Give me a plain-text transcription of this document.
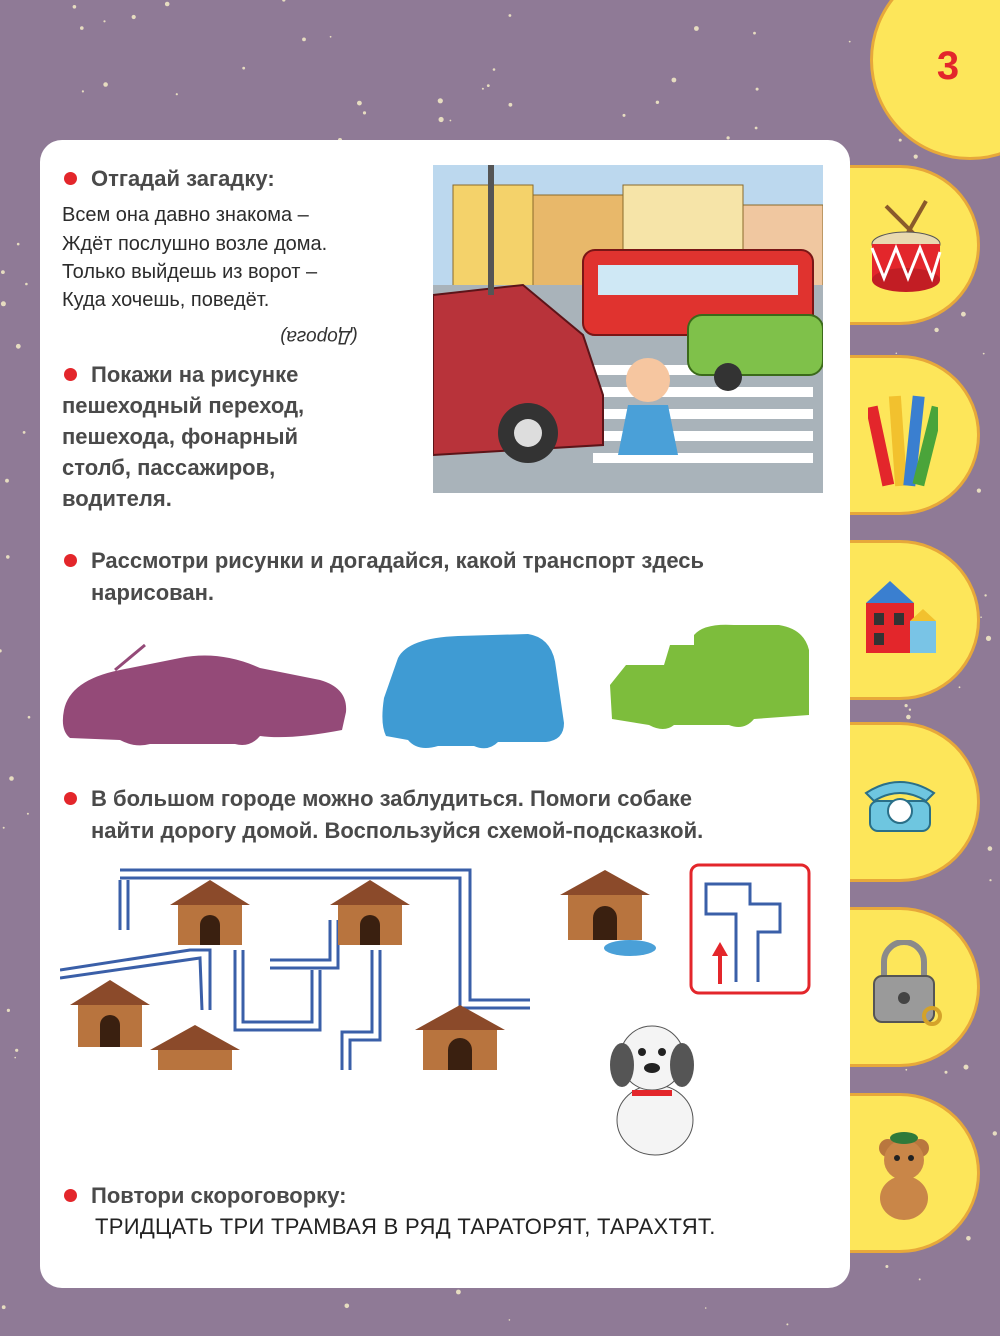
3
Отгадай загадку:
Всем она давно знакома –
Ждёт послушно возле дома.
Только выйдешь из ворот –
Куда хочешь, поведёт.
(Дорога)
Покажи на рисунке
пешеходный переход,
пешехода, фонарный
столб, пассажиров,
водителя.
Рассмотри рисунки и догадайся, какой транспорт здесь
нарисован.
В большом городе можно заблудиться. Помоги собаке
найти дорогу домой. Воспользуйся схемой-подсказкой.
Повтори скороговорку:
ТРИДЦАТЬ ТРИ ТРАМВАЯ В РЯД ТАРАТОРЯТ, ТАРАХТЯТ.
